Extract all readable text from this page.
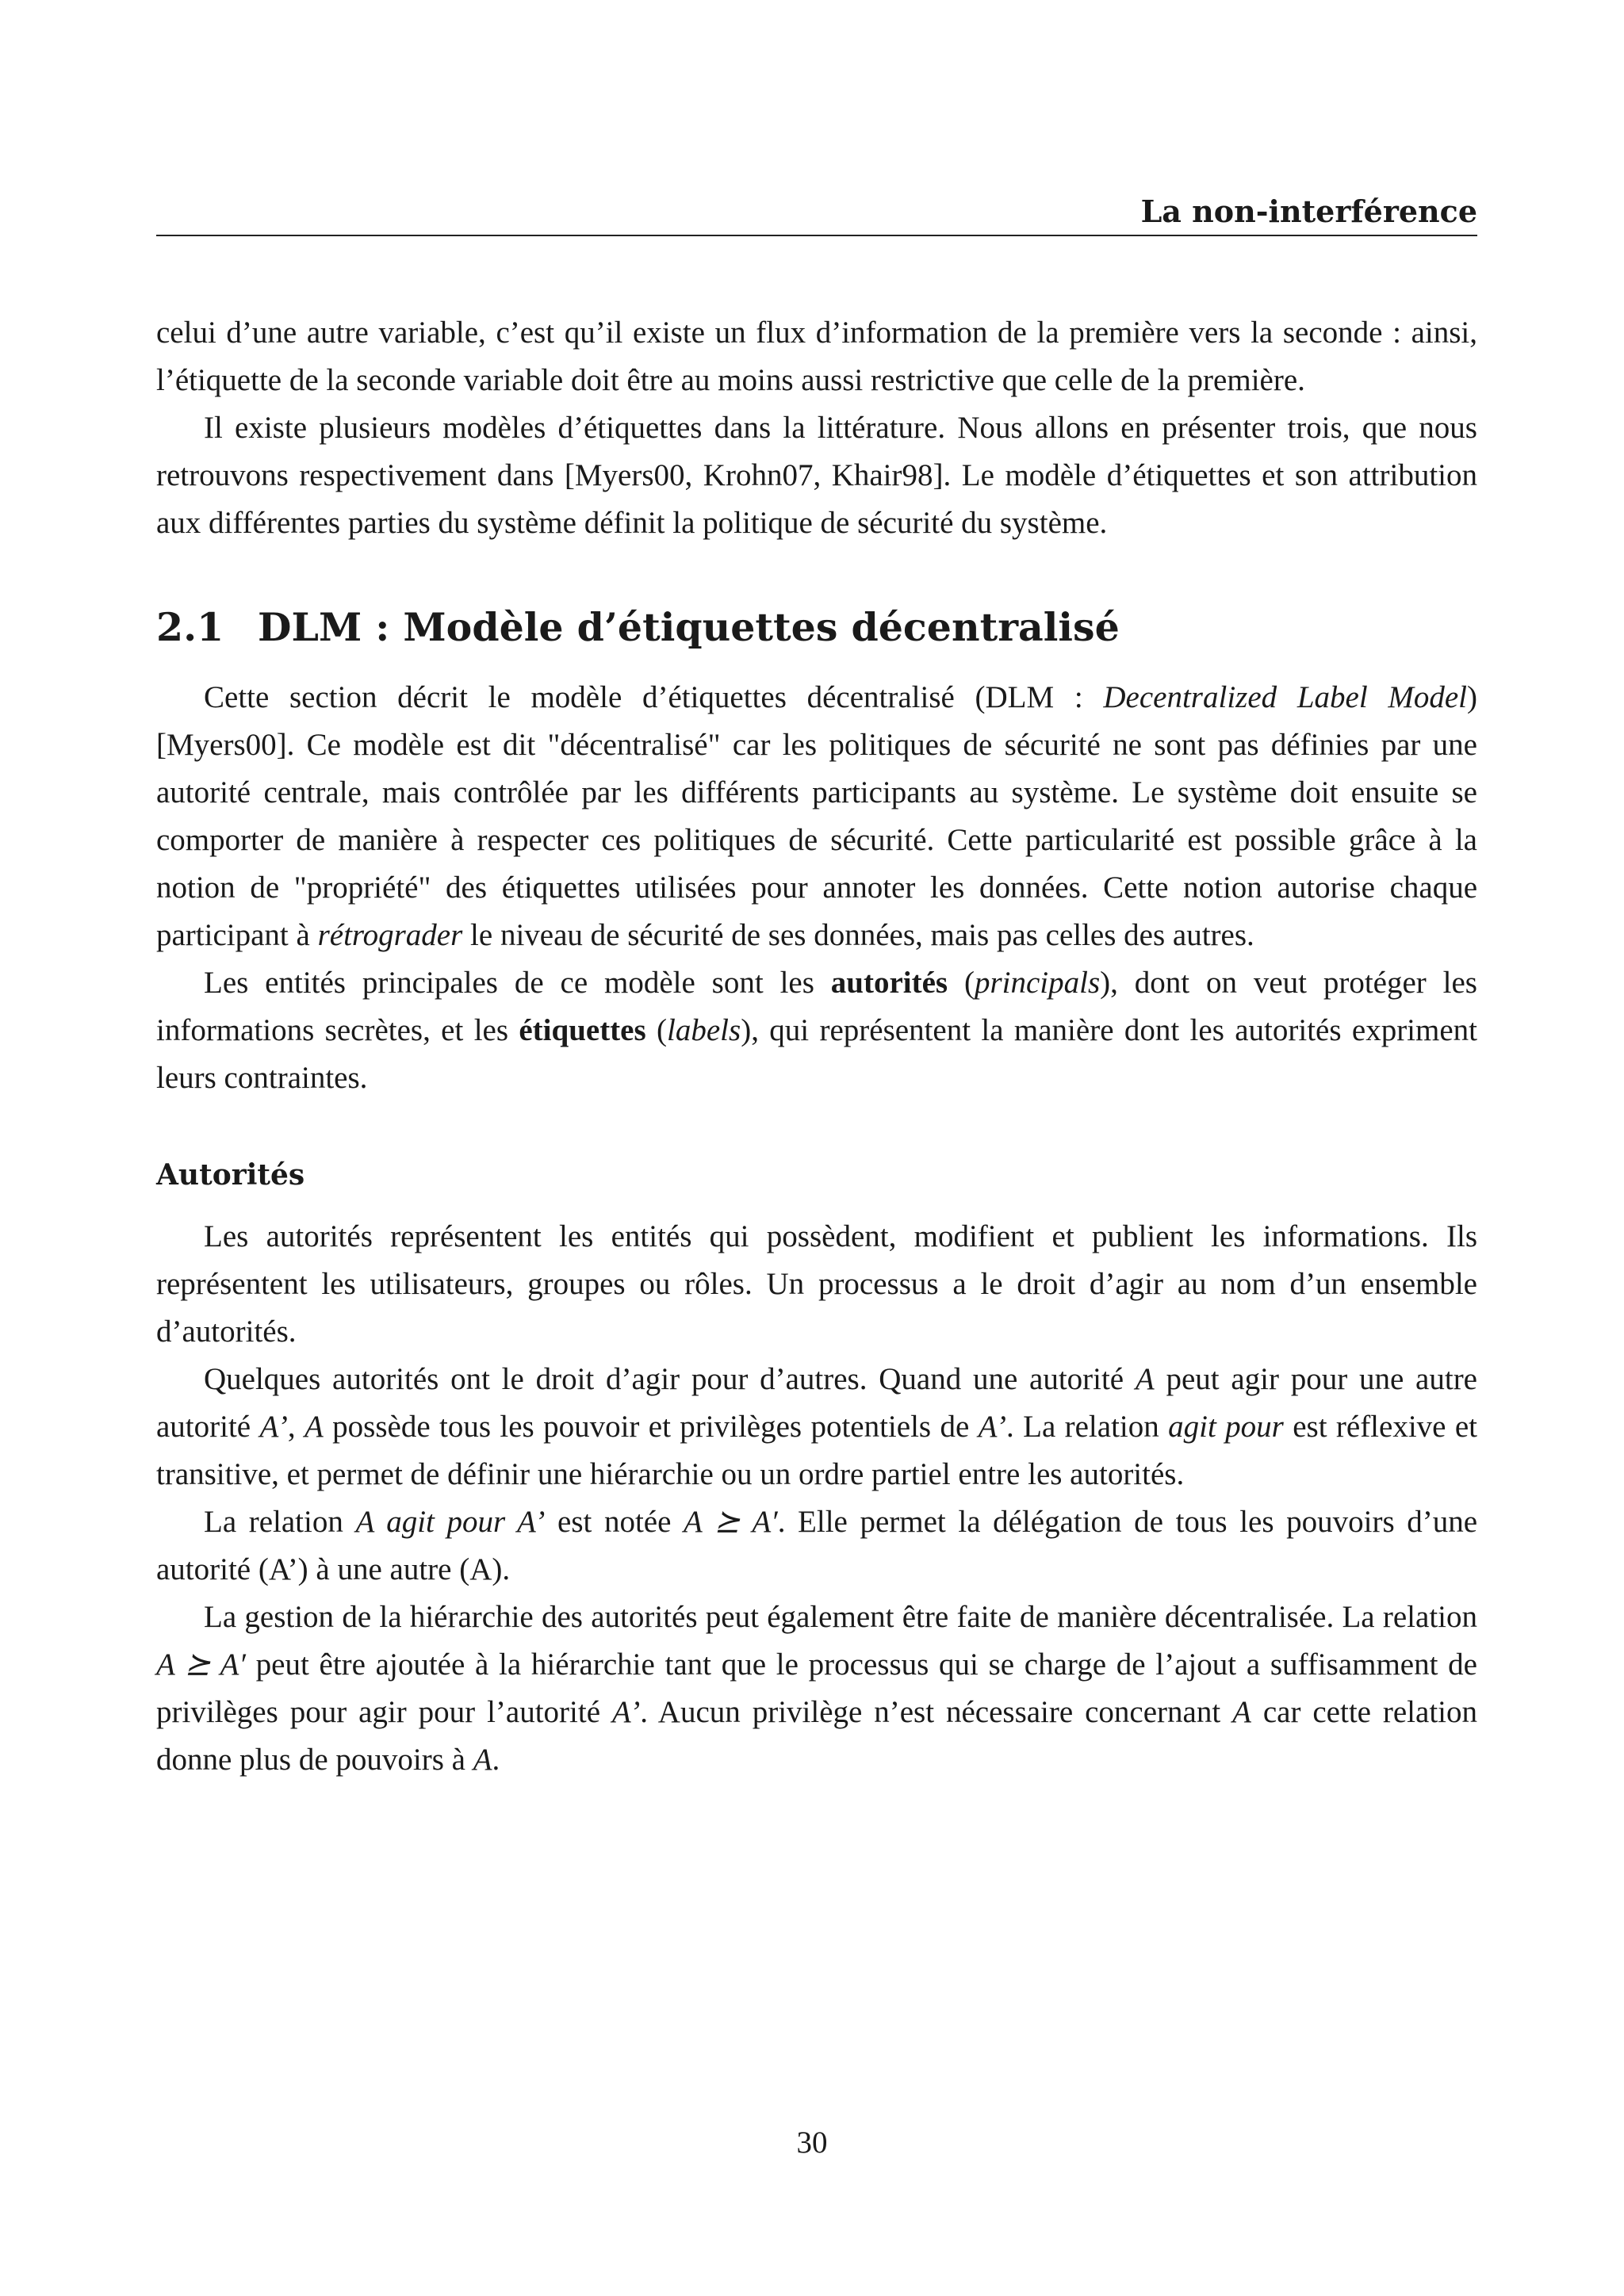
La non-interférence

celui d’une autre variable, c’est qu’il existe un flux d’information de la première vers la seconde : ainsi, l’étiquette de la seconde variable doit être au moins aussi restrictive que celle de la première.

Il existe plusieurs modèles d’étiquettes dans la littérature. Nous allons en présenter trois, que nous retrouvons respectivement dans [Myers00, Krohn07, Khair98]. Le modèle d’étiquettes et son attribution aux différentes parties du système définit la politique de sécurité du système.

2.1 DLM : Modèle d’étiquettes décentralisé

Cette section décrit le modèle d’étiquettes décentralisé (DLM : Decentralized Label Model) [Myers00]. Ce modèle est dit "décentralisé" car les politiques de sécurité ne sont pas définies par une autorité centrale, mais contrôlée par les différents participants au système. Le système doit ensuite se comporter de manière à respecter ces politiques de sécurité. Cette particularité est possible grâce à la notion de "propriété" des étiquettes utilisées pour annoter les données. Cette notion autorise chaque participant à rétrograder le niveau de sécurité de ses données, mais pas celles des autres.

Les entités principales de ce modèle sont les autorités (principals), dont on veut protéger les informations secrètes, et les étiquettes (labels), qui représentent la manière dont les autorités expriment leurs contraintes.

Autorités

Les autorités représentent les entités qui possèdent, modifient et publient les informations. Ils représentent les utilisateurs, groupes ou rôles. Un processus a le droit d’agir au nom d’un ensemble d’autorités.

Quelques autorités ont le droit d’agir pour d’autres. Quand une autorité A peut agir pour une autre autorité A’, A possède tous les pouvoir et privilèges potentiels de A’. La relation agit pour est réflexive et transitive, et permet de définir une hiérarchie ou un ordre partiel entre les autorités.

La relation A agit pour A’ est notée A ⪰ A′. Elle permet la délégation de tous les pouvoirs d’une autorité (A’) à une autre (A).

La gestion de la hiérarchie des autorités peut également être faite de manière décentralisée. La relation A ⪰ A′ peut être ajoutée à la hiérarchie tant que le processus qui se charge de l’ajout a suffisamment de privilèges pour agir pour l’autorité A’. Aucun privilège n’est nécessaire concernant A car cette relation donne plus de pouvoirs à A.

30
